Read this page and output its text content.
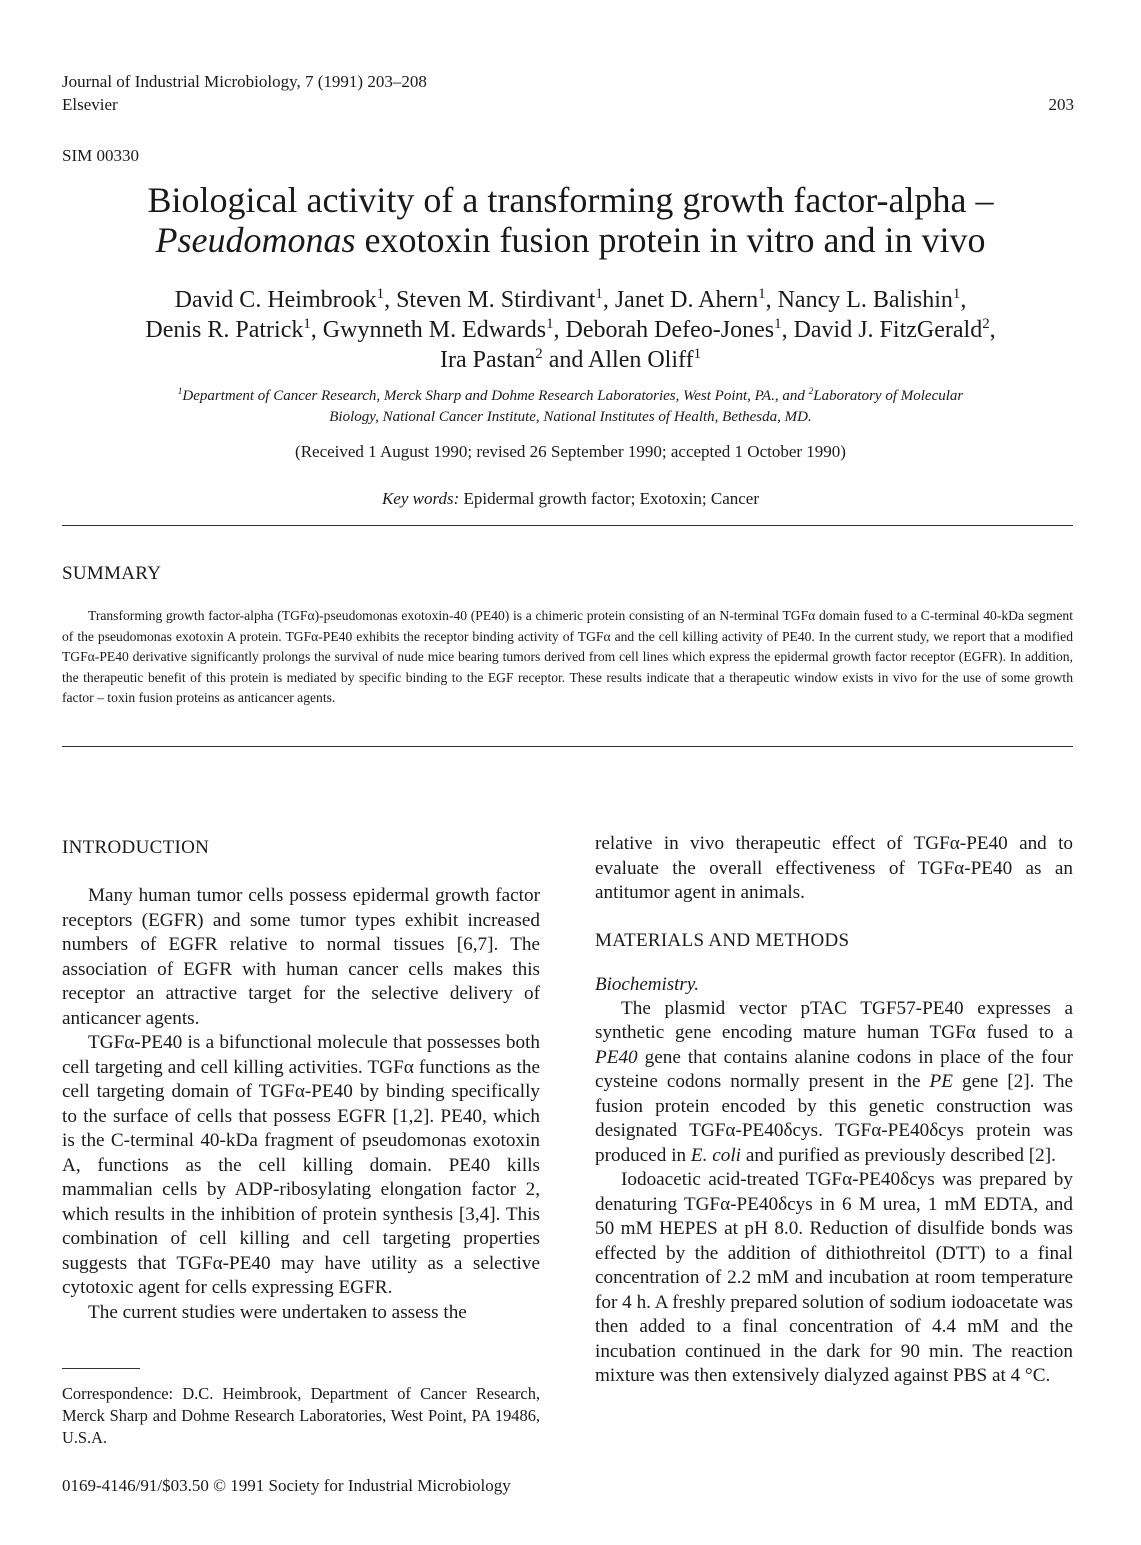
Journal of Industrial Microbiology, 7 (1991) 203–208
Elsevier	203
SIM 00330
Biological activity of a transforming growth factor-alpha –
Pseudomonas exotoxin fusion protein in vitro and in vivo
David C. Heimbrook$^1$, Steven M. Stirdivant$^1$, Janet D. Ahern$^1$, Nancy L. Balishin$^1$,
Denis R. Patrick$^1$, Gwynneth M. Edwards$^1$, Deborah Defeo-Jones$^1$, David J. FitzGerald$^2$,
Ira Pastan$^2$ and Allen Oliff$^1$
$^1$Department of Cancer Research, Merck Sharp and Dohme Research Laboratories, West Point, PA., and $^2$Laboratory of Molecular
Biology, National Cancer Institute, National Institutes of Health, Bethesda, MD.
(Received 1 August 1990; revised 26 September 1990; accepted 1 October 1990)
Key words: Epidermal growth factor; Exotoxin; Cancer
SUMMARY
Transforming growth factor-alpha (TGFα)-pseudomonas exotoxin-40 (PE40) is a chimeric protein consisting of an N-terminal TGFα domain fused to a C-terminal 40-kDa segment of the pseudomonas exotoxin A protein. TGFα-PE40 exhibits the receptor binding activity of TGFα and the cell killing activity of PE40. In the current study, we report that a modified TGFα-PE40 derivative significantly prolongs the survival of nude mice bearing tumors derived from cell lines which express the epidermal growth factor receptor (EGFR). In addition, the therapeutic benefit of this protein is mediated by specific binding to the EGF receptor. These results indicate that a therapeutic window exists in vivo for the use of some growth factor – toxin fusion proteins as anticancer agents.
INTRODUCTION

Many human tumor cells possess epidermal growth factor receptors (EGFR) and some tumor types exhibit increased numbers of EGFR relative to normal tissues [6,7]. The association of EGFR with human cancer cells makes this receptor an attractive target for the selective delivery of anticancer agents.

TGFα-PE40 is a bifunctional molecule that possesses both cell targeting and cell killing activities. TGFα functions as the cell targeting domain of TGFα-PE40 by binding specifically to the surface of cells that possess EGFR [1,2]. PE40, which is the C-terminal 40-kDa fragment of pseudomonas exotoxin A, functions as the cell killing domain. PE40 kills mammalian cells by ADP-ribosylating elongation factor 2, which results in the inhibition of protein synthesis [3,4]. This combination of cell killing and cell targeting properties suggests that TGFα-PE40 may have utility as a selective cytotoxic agent for cells expressing EGFR.

The current studies were undertaken to assess the

Correspondence: D.C. Heimbrook, Department of Cancer Research, Merck Sharp and Dohme Research Laboratories, West Point, PA 19486, U.S.A.
0169-4146/91/$03.50 © 1991 Society for Industrial Microbiology

relative in vivo therapeutic effect of TGFα-PE40 and to evaluate the overall effectiveness of TGFα-PE40 as an antitumor agent in animals.

MATERIALS AND METHODS
Biochemistry.

The plasmid vector pTAC TGF57-PE40 expresses a synthetic gene encoding mature human TGFα fused to a PE40 gene that contains alanine codons in place of the four cysteine codons normally present in the PE gene [2]. The fusion protein encoded by this genetic construction was designated TGFα-PE40δcys. TGFα-PE40δcys protein was produced in E. coli and purified as previously described [2].

Iodoacetic acid-treated TGFα-PE40δcys was prepared by denaturing TGFα-PE40δcys in 6 M urea, 1 mM EDTA, and 50 mM HEPES at pH 8.0. Reduction of disulfide bonds was effected by the addition of dithiothreitol (DTT) to a final concentration of 2.2 mM and incubation at room temperature for 4 h. A freshly prepared solution of sodium iodoacetate was then added to a final concentration of 4.4 mM and the incubation continued in the dark for 90 min. The reaction mixture was then extensively dialyzed against PBS at 4 °C.
